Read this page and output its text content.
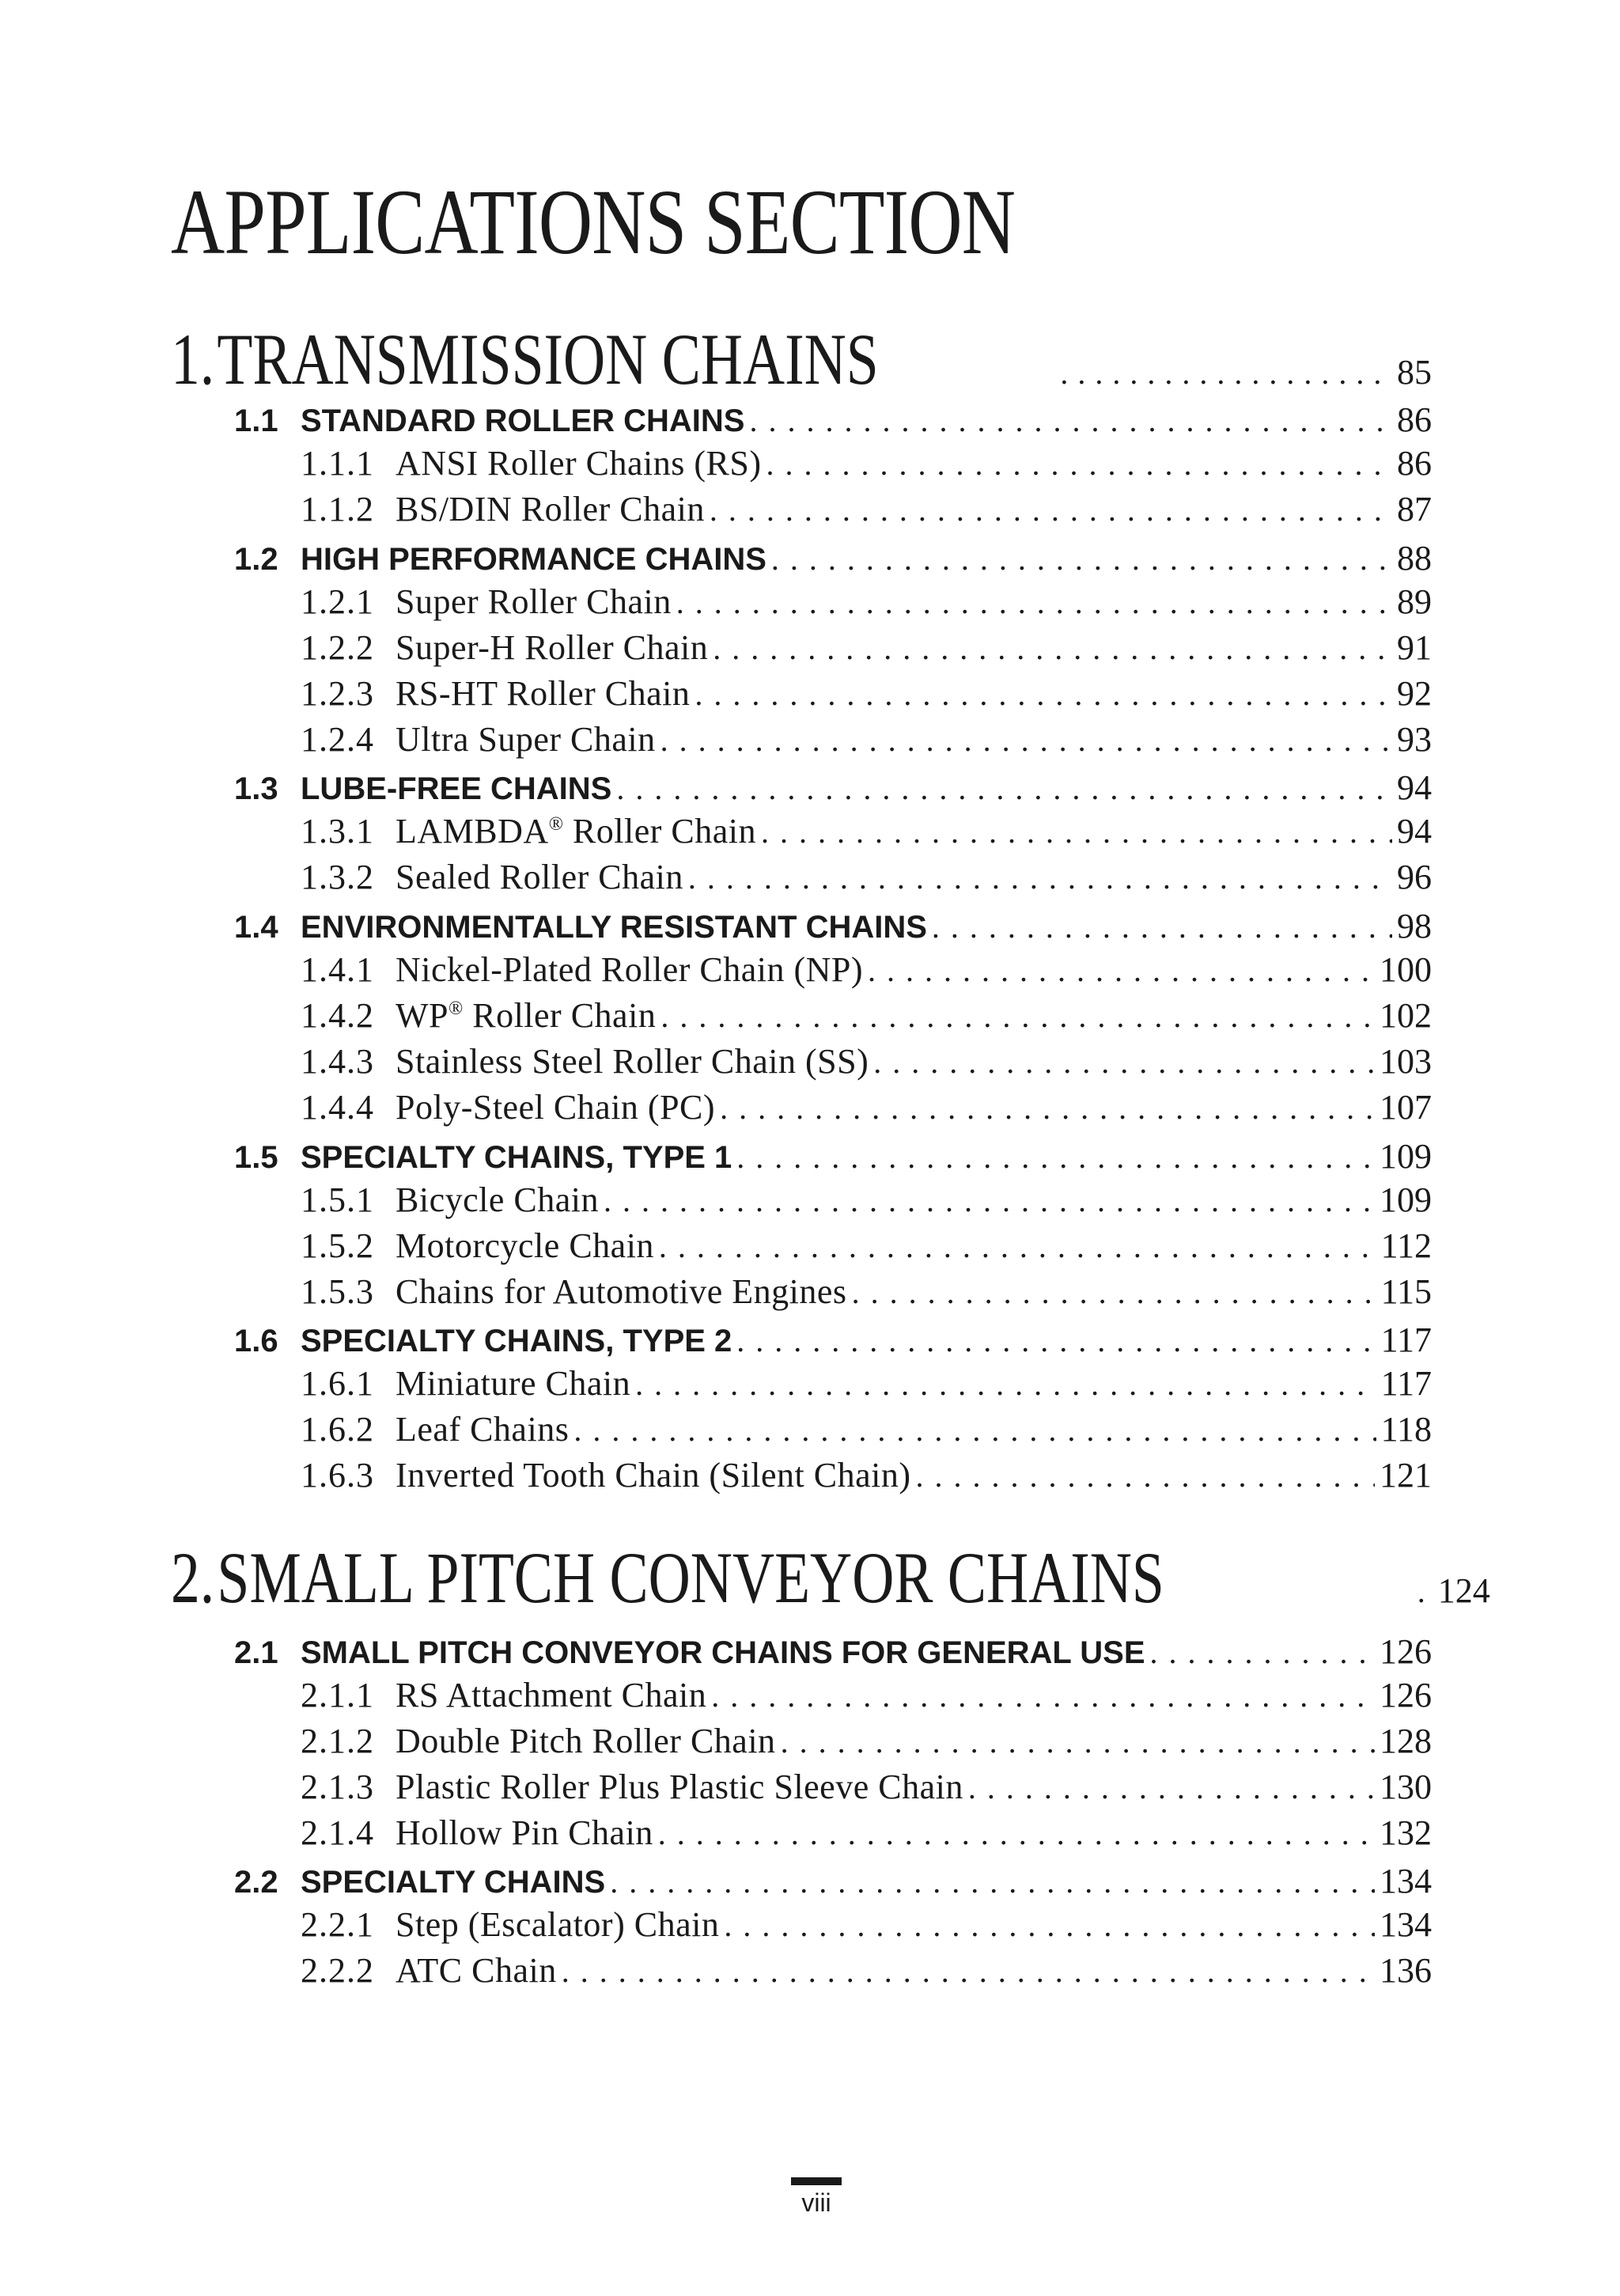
APPLICATIONS SECTION
1.
TRANSMISSION CHAINS . . .	85
1.1 STANDARD ROLLER CHAINS . . .	86
1.1.1 ANSI Roller Chains (RS) . . .	86
1.1.2 BS/DIN Roller Chain . . .	87
1.2 HIGH PERFORMANCE CHAINS . . .	88
1.2.1 Super Roller Chain . . .	89
1.2.2 Super-H Roller Chain . . .	91
1.2.3 RS-HT Roller Chain . . .	92
1.2.4 Ultra Super Chain . . .	93
1.3 LUBE-FREE CHAINS . . .	94
1.3.1 LAMBDA® Roller Chain . . .	94
1.3.2 Sealed Roller Chain . . .	96
1.4 ENVIRONMENTALLY RESISTANT CHAINS . . .	98
1.4.1 Nickel-Plated Roller Chain (NP) . . .	100
1.4.2 WP® Roller Chain . . .	102
1.4.3 Stainless Steel Roller Chain (SS) . . .	103
1.4.4 Poly-Steel Chain (PC) . . .	107
1.5 SPECIALTY CHAINS, TYPE 1 . . .	109
1.5.1 Bicycle Chain . . .	109
1.5.2 Motorcycle Chain . . .	112
1.5.3 Chains for Automotive Engines . . .	115
1.6 SPECIALTY CHAINS, TYPE 2 . . .	117
1.6.1 Miniature Chain . . .	117
1.6.2 Leaf Chains . . .	118
1.6.3 Inverted Tooth Chain (Silent Chain) . . .	121
2.
SMALL PITCH CONVEYOR CHAINS . . .	124
2.1 SMALL PITCH CONVEYOR CHAINS FOR GENERAL USE . . .	126
2.1.1 RS Attachment Chain . . .	126
2.1.2 Double Pitch Roller Chain . . .	128
2.1.3 Plastic Roller Plus Plastic Sleeve Chain . . .	130
2.1.4 Hollow Pin Chain . . .	132
2.2 SPECIALTY CHAINS . . .	134
2.2.1 Step (Escalator) Chain . . .	134
2.2.2 ATC Chain . . .	136
viii
